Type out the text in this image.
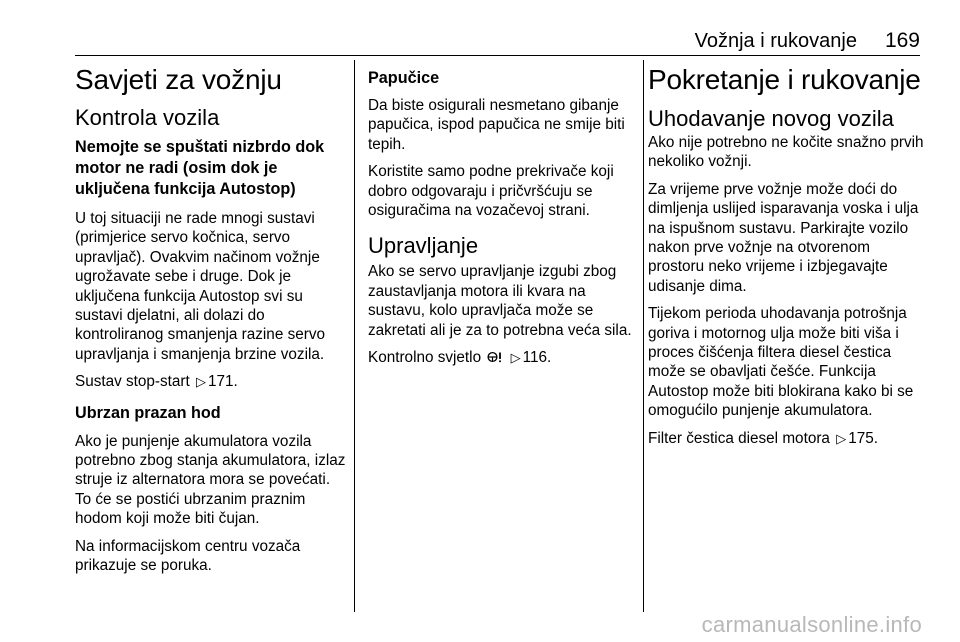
Vožnja i rukovanje 169
Savjeti za vožnju
Kontrola vozila
Nemojte se spuštati nizbrdo dok motor ne radi (osim dok je uključena funkcija Autostop)

U toj situaciji ne rade mnogi sustavi (primjerice servo kočnica, servo upravljač). Ovakvim načinom vožnje ugrožavate sebe i druge. Dok je uključena funkcija Autostop svi su sustavi djelatni, ali dolazi do kontroliranog smanjenja razine servo upravljanja i smanjenja brzine vozila.

Sustav stop-start ▷ 171.

Ubrzan prazan hod

Ako je punjenje akumulatora vozila potrebno zbog stanja akumulatora, izlaz struje iz alternatora mora se povećati. To će se postići ubrzanim praznim hodom koji može biti čujan.

Na informacijskom centru vozača prikazuje se poruka.

Papučice

Da biste osigurali nesmetano gibanje papučica, ispod papučica ne smije biti tepih.

Koristite samo podne prekrivače koji dobro odgovaraju i pričvršćuju se osiguračima na vozačevoj strani.

Upravljanje

Ako se servo upravljanje izgubi zbog zaustavljanja motora ili kvara na sustavu, kolo upravljača može se zakretati ali je za to potrebna veća sila.

Kontrolno svjetlo ▷ 116.

Pokretanje i rukovanje
Uhodavanje novog vozila

Ako nije potrebno ne kočite snažno prvih nekoliko vožnji.

Za vrijeme prve vožnje može doći do dimljenja uslijed isparavanja voska i ulja na ispušnom sustavu. Parkirajte vozilo nakon prve vožnje na otvorenom prostoru neko vrijeme i izbjegavajte udisanje dima.

Tijekom perioda uhodavanja potrošnja goriva i motornog ulja može biti viša i proces čišćenja filtera diesel čestica može se obavljati češće. Funkcija Autostop može biti blokirana kako bi se omogućilo punjenje akumulatora.

Filter čestica diesel motora ▷ 175.

carmanualsonline.info
